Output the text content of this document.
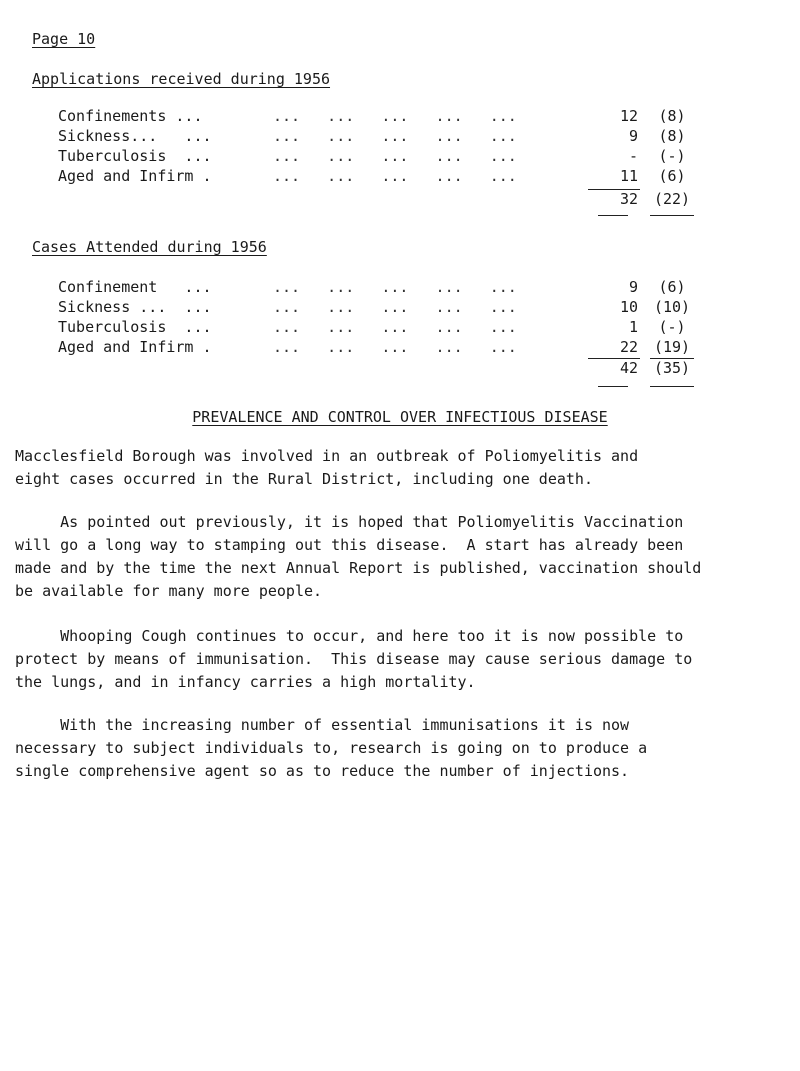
Page 10
Applications received during 1956
Confinements ...	...   ...   ...   ...   ...	12	(8)
Sickness...   ...	...   ...   ...   ...   ...	9	(8)
Tuberculosis  ...	...   ...   ...   ...   ...	-	(-)
Aged and Infirm .	...   ...   ...   ...   ...	11	(6)
32	(22)
Cases Attended during 1956
Confinement   ...	...   ...   ...   ...   ...	9	(6)
Sickness ...  ...	...   ...   ...   ...   ...	10	(10)
Tuberculosis  ...	...   ...   ...   ...   ...	1	(-)
Aged and Infirm .	...   ...   ...   ...   ...	22	(19)
42	(35)
PREVALENCE AND CONTROL OVER INFECTIOUS DISEASE
Macclesfield Borough was involved in an outbreak of Poliomyelitis and
eight cases occurred in the Rural District, including one death.
As pointed out previously, it is hoped that Poliomyelitis Vaccination
will go a long way to stamping out this disease.  A start has already been
made and by the time the next Annual Report is published, vaccination should
be available for many more people.
Whooping Cough continues to occur, and here too it is now possible to
protect by means of immunisation.  This disease may cause serious damage to
the lungs, and in infancy carries a high mortality.
With the increasing number of essential immunisations it is now
necessary to subject individuals to, research is going on to produce a
single comprehensive agent so as to reduce the number of injections.
